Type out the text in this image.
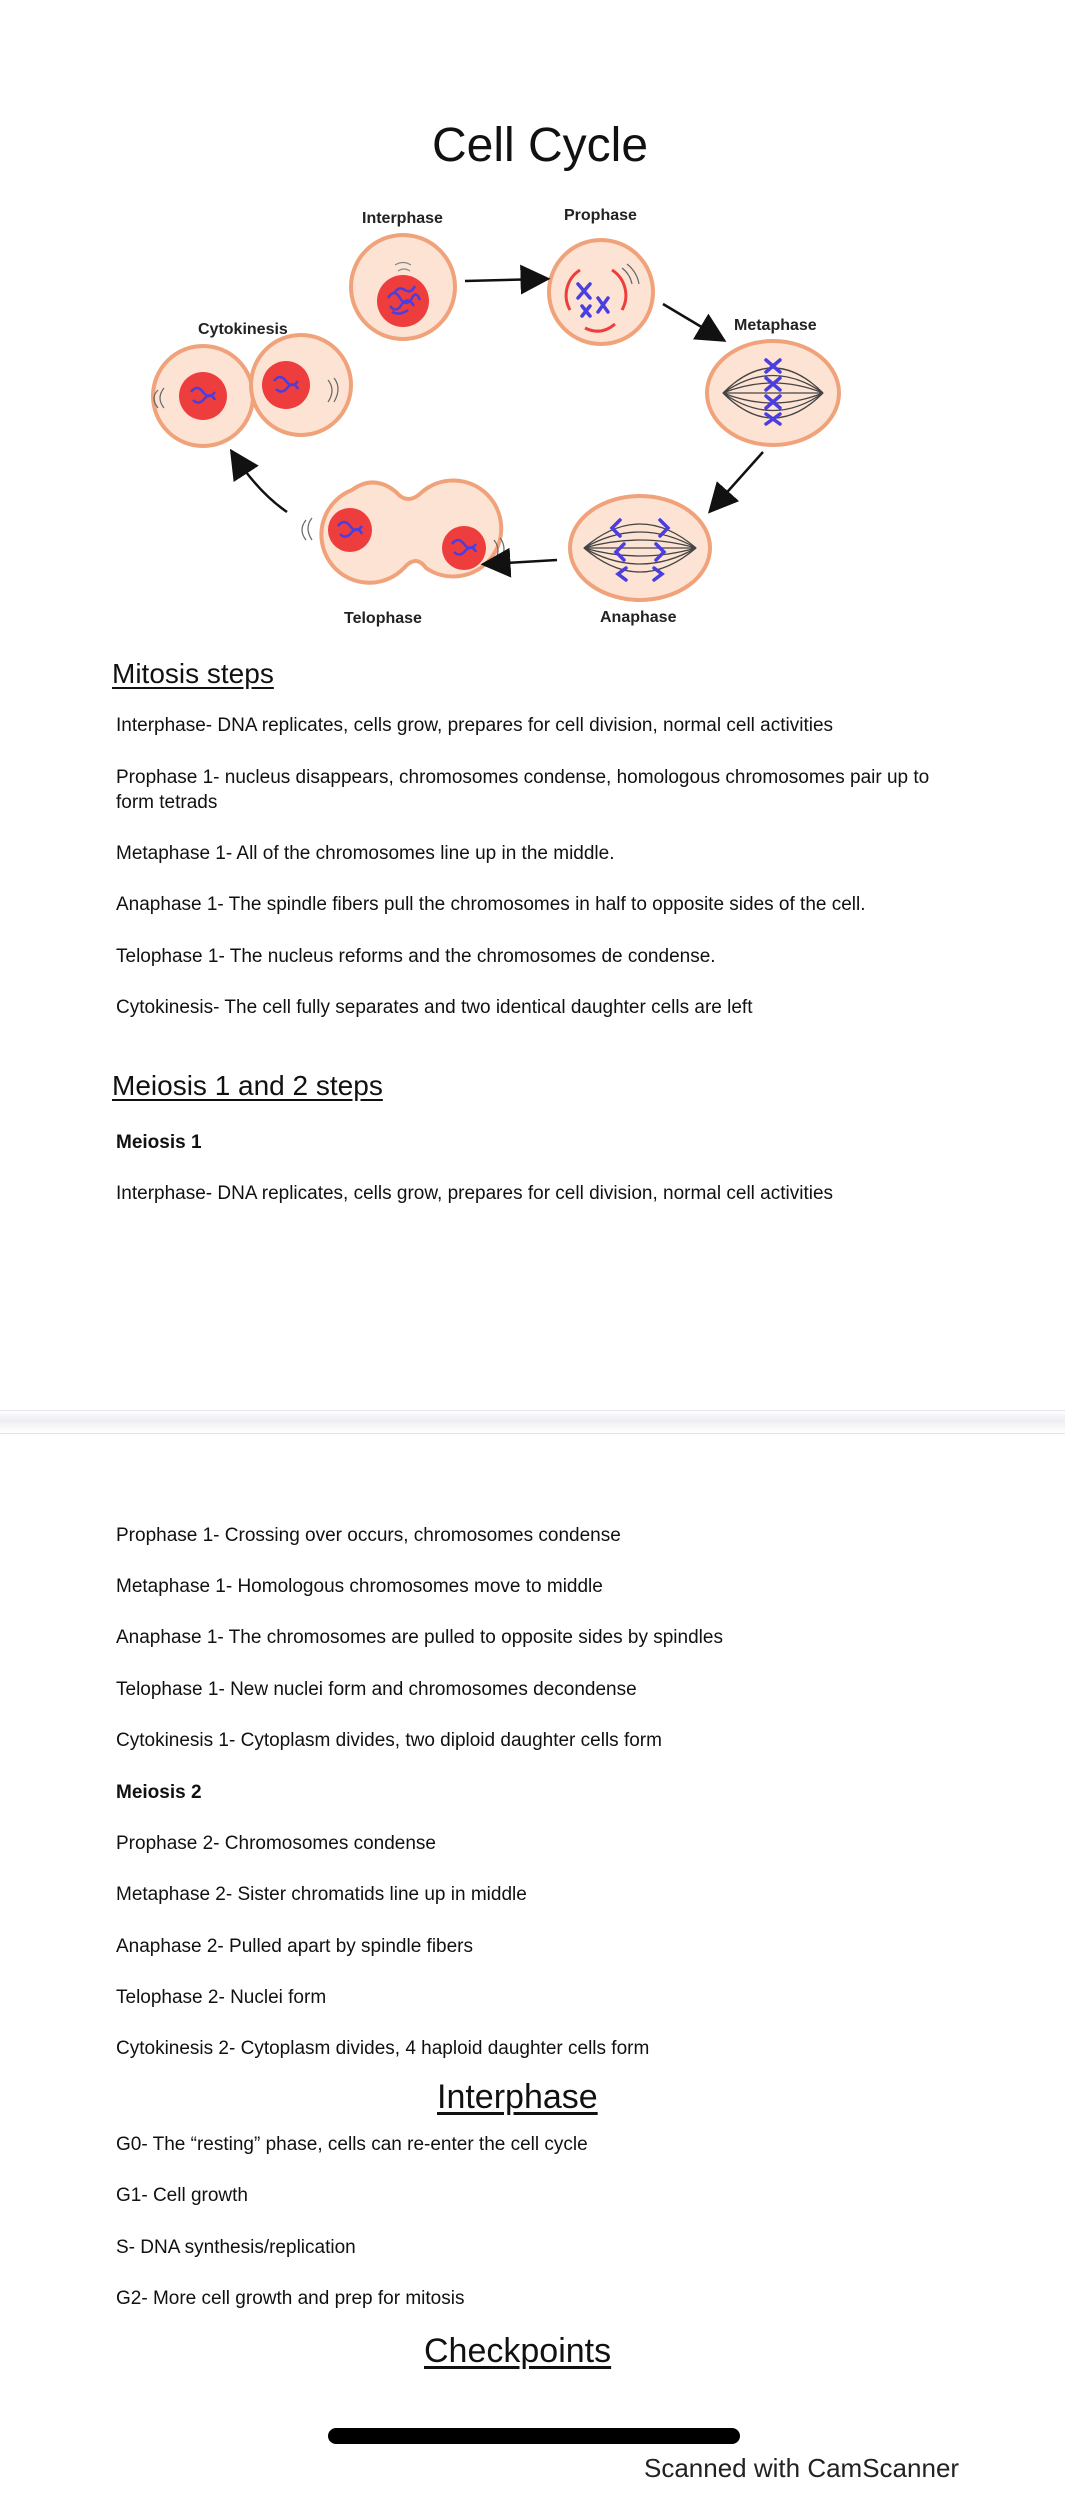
Cell Cycle
Interphase	Prophase
Metaphase
Anaphase
Telophase
Cytokinesis
Mitosis steps
Interphase- DNA replicates, cells grow, prepares for cell division, normal cell activities
Prophase 1- nucleus disappears, chromosomes condense, homologous chromosomes pair up to form tetrads
Metaphase 1- All of the chromosomes line up in the middle.
Anaphase 1- The spindle fibers pull the chromosomes in half to opposite sides of the cell.
Telophase 1- The nucleus reforms and the chromosomes de condense.
Cytokinesis- The cell fully separates and two identical daughter cells are left
Meiosis 1 and 2 steps
Meiosis 1
Interphase- DNA replicates, cells grow, prepares for cell division, normal cell activities
Prophase 1- Crossing over occurs, chromosomes condense
Metaphase 1- Homologous chromosomes move to middle
Anaphase 1- The chromosomes are pulled to opposite sides by spindles
Telophase 1- New nuclei form and chromosomes decondense
Cytokinesis 1- Cytoplasm divides, two diploid daughter cells form
Meiosis 2
Prophase 2- Chromosomes condense
Metaphase 2- Sister chromatids line up in middle
Anaphase 2- Pulled apart by spindle fibers
Telophase 2- Nuclei form
Cytokinesis 2- Cytoplasm divides, 4 haploid daughter cells form
Interphase
G0- The “resting” phase, cells can re-enter the cell cycle
G1- Cell growth
S- DNA synthesis/replication
G2- More cell growth and prep for mitosis
Checkpoints
Scanned with CamScanner
